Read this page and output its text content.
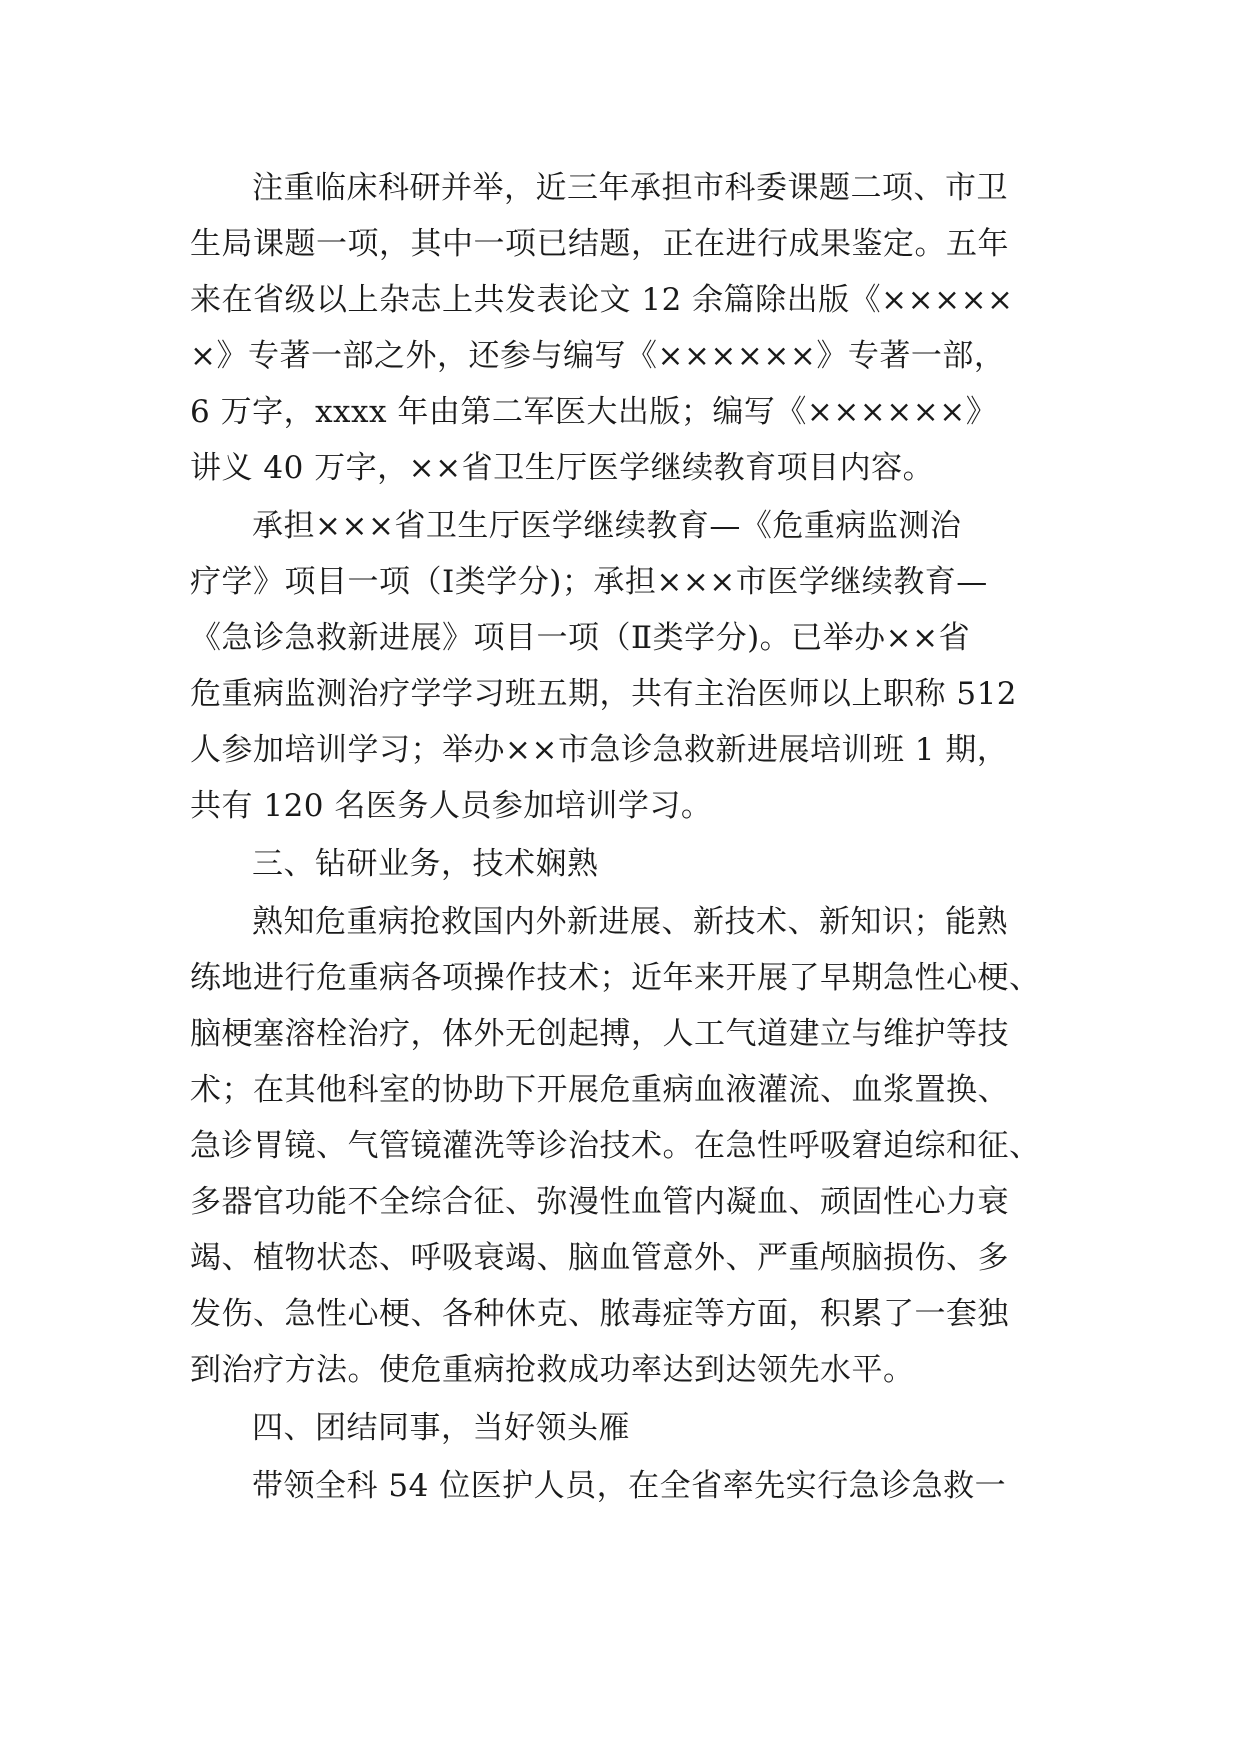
注重临床科研并举，近三年承担市科委课题二项、市卫
生局课题一项，其中一项已结题，正在进行成果鉴定。五年
来在省级以上杂志上共发表论文 12 余篇除出版《×××××
×》专著一部之外，还参与编写《××××××》专著一部，
6 万字，xxxx 年由第二军医大出版；编写《××××××》
讲义 40 万字，××省卫生厅医学继续教育项目内容。
承担×××省卫生厅医学继续教育—《危重病监测治
疗学》项目一项（Ⅰ类学分)；承担×××市医学继续教育—
《急诊急救新进展》项目一项（Ⅱ类学分)。已举办××省
危重病监测治疗学学习班五期，共有主治医师以上职称 512
人参加培训学习；举办××市急诊急救新进展培训班 1 期，
共有 120 名医务人员参加培训学习。
三、钻研业务，技术娴熟
熟知危重病抢救国内外新进展、新技术、新知识；能熟
练地进行危重病各项操作技术；近年来开展了早期急性心梗、
脑梗塞溶栓治疗，体外无创起搏，人工气道建立与维护等技
术；在其他科室的协助下开展危重病血液灌流、血浆置换、
急诊胃镜、气管镜灌洗等诊治技术。在急性呼吸窘迫综和征、
多器官功能不全综合征、弥漫性血管内凝血、顽固性心力衰
竭、植物状态、呼吸衰竭、脑血管意外、严重颅脑损伤、多
发伤、急性心梗、各种休克、脓毒症等方面，积累了一套独
到治疗方法。使危重病抢救成功率达到达领先水平。
四、团结同事，当好领头雁
带领全科 54 位医护人员，在全省率先实行急诊急救一
